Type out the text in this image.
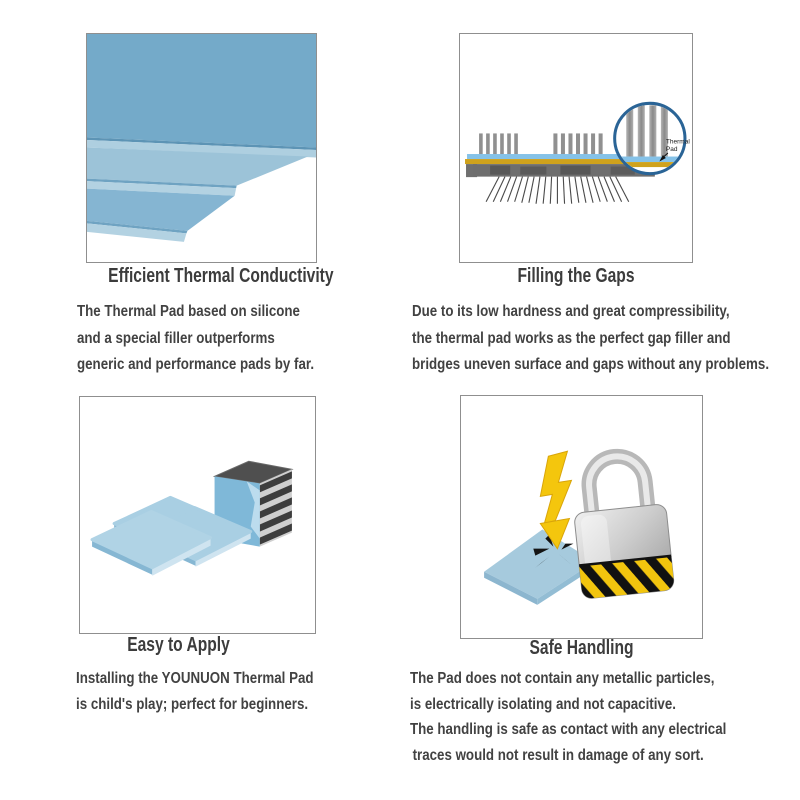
Efficient Thermal Conductivity
The Thermal Pad based on silicone
and a special filler outperforms
generic and performance pads by far.
Thermal
Pad
Filling the Gaps
Due to its low hardness and great compressibility,
the thermal pad works as the perfect gap filler and
bridges uneven surface and gaps without any problems.
Easy to Apply
Installing the YOUNUON Thermal Pad
is child's play; perfect for beginners.
Safe Handling
The Pad does not contain any metallic particles,
is electrically isolating and not capacitive.
The handling is safe as contact with any electrical
traces would not result in damage of any sort.
